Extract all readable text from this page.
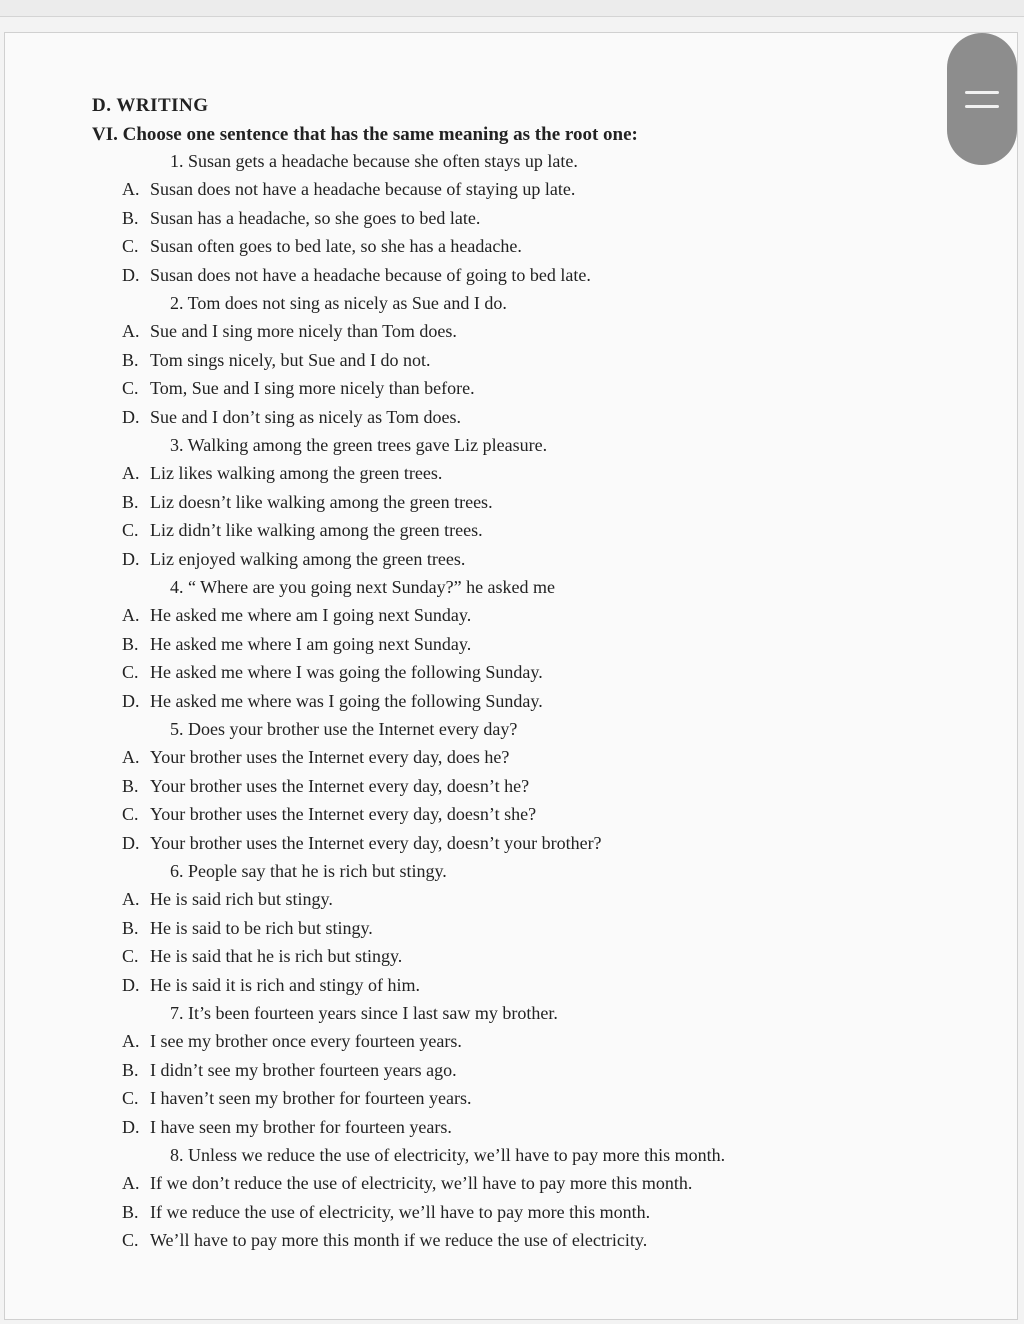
D. WRITING
VI. Choose one sentence that has the same meaning as the root one:
1. Susan gets a headache because she often stays up late.
A. Susan does not have a headache because of staying up late.
B. Susan has a headache, so she goes to bed late.
C. Susan often goes to bed late, so she has a headache.
D. Susan does not have a headache because of going to bed late.
2. Tom does not sing as nicely as Sue and I do.
A. Sue and I sing more nicely than Tom does.
B. Tom sings nicely, but Sue and I do not.
C. Tom, Sue and I sing more nicely than before.
D. Sue and I don’t sing as nicely as Tom does.
3. Walking among the green trees gave Liz pleasure.
A. Liz likes walking among the green trees.
B. Liz doesn’t like walking among the green trees.
C. Liz didn’t like walking among the green trees.
D. Liz enjoyed walking among the green trees.
4. “ Where are you going next Sunday?” he asked me
A. He asked me where am I going next Sunday.
B. He asked me where I am going next Sunday.
C. He asked me where I was going the following Sunday.
D. He asked me where was I going the following Sunday.
5. Does your brother use the Internet every day?
A. Your brother uses the Internet every day, does he?
B. Your brother uses the Internet every day, doesn’t he?
C. Your brother uses the Internet every day, doesn’t she?
D. Your brother uses the Internet every day, doesn’t your brother?
6. People say that he is rich but stingy.
A. He is said rich but stingy.
B. He is said to be rich but stingy.
C. He is said that he is rich but stingy.
D. He is said it is rich and stingy of him.
7. It’s been fourteen years since I last saw my brother.
A. I see my brother once every fourteen years.
B. I didn’t see my brother fourteen years ago.
C. I haven’t seen my brother for fourteen years.
D. I have seen my brother for fourteen years.
8. Unless we reduce the use of electricity, we’ll have to pay more this month.
A. If we don’t reduce the use of electricity, we’ll have to pay more this month.
B. If we reduce the use of electricity, we’ll have to pay more this month.
C. We’ll have to pay more this month if we reduce the use of electricity.
